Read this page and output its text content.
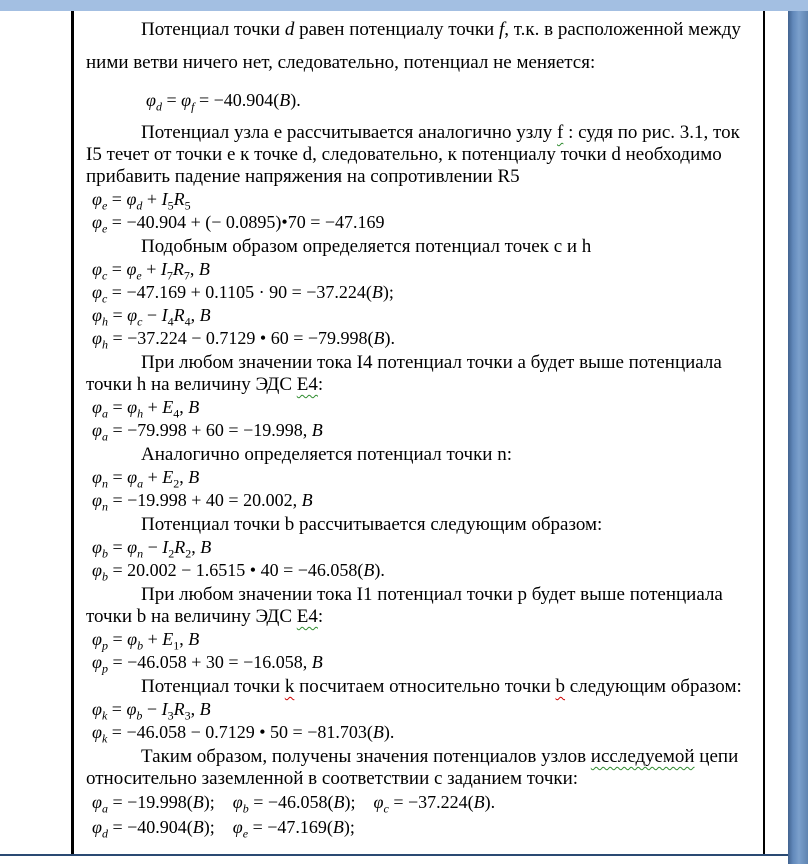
Потенциал точки d равен потенциалу точки f, т.к. в расположенной между ними ветви ничего нет, следовательно, потенциал не меняется:
$\varphi_d = \varphi_f = -40.904(В)$.
Потенциал узла е рассчитывается аналогично узлу f : судя по рис. 3.1, ток I5 течет от точки е к точке d, следовательно, к потенциалу точки d необходимо прибавить падение напряжения на сопротивлении R5
$\varphi_e = \varphi_d + I_5R_5$
$\varphi_e = -40.904$ + (− 0.0895)•70 = −47.169
Подобным образом определяется потенциал точек с и h
$\varphi_c = \varphi_e + I_7R_7$, В
$\varphi_c = -47.169 + 0.1105 \cdot 90 = -37.224(В)$;
$\varphi_h = \varphi_c - I_4R_4$, В
$\varphi_h = -37.224 - 0.7129$ • 60 = −79.998(В).
При любом значении тока I4 потенциал точки а будет выше потенциала точки h на величину ЭДС Е4:
$\varphi_a = \varphi_h + E_4$, В
$\varphi_a = -79.998 + 60 = -19.998$, В
Аналогично определяется потенциал точки n:
$\varphi_n = \varphi_a + E_2$, В
$\varphi_n = -19.998 + 40 = 20.002$, В
Потенциал точки b рассчитывается следующим образом:
$\varphi_b = \varphi_n - I_2R_2$, В
$\varphi_b = 20.002 - 1.6515$ • 40 = −46.058(В).
При любом значении тока I1 потенциал точки р будет выше потенциала точки b на величину ЭДС Е4:
$\varphi_p = \varphi_b + E_1$, В
$\varphi_p = -46.058 + 30 = -16.058$, В
Потенциал точки k посчитаем относительно точки b следующим образом:
$\varphi_k = \varphi_b - I_3R_3$, В
$\varphi_k = -46.058 - 0.7129$ • 50 = −81.703(В).
Таким образом, получены значения потенциалов узлов исследуемой цепи относительно заземленной в соответствии с заданием точки:
$\varphi_a = -19.998(В)$;    $\varphi_b = -46.058(В)$;    $\varphi_c = -37.224(В)$.
$\varphi_d = -40.904(В)$;    $\varphi_e = -47.169(В)$;
